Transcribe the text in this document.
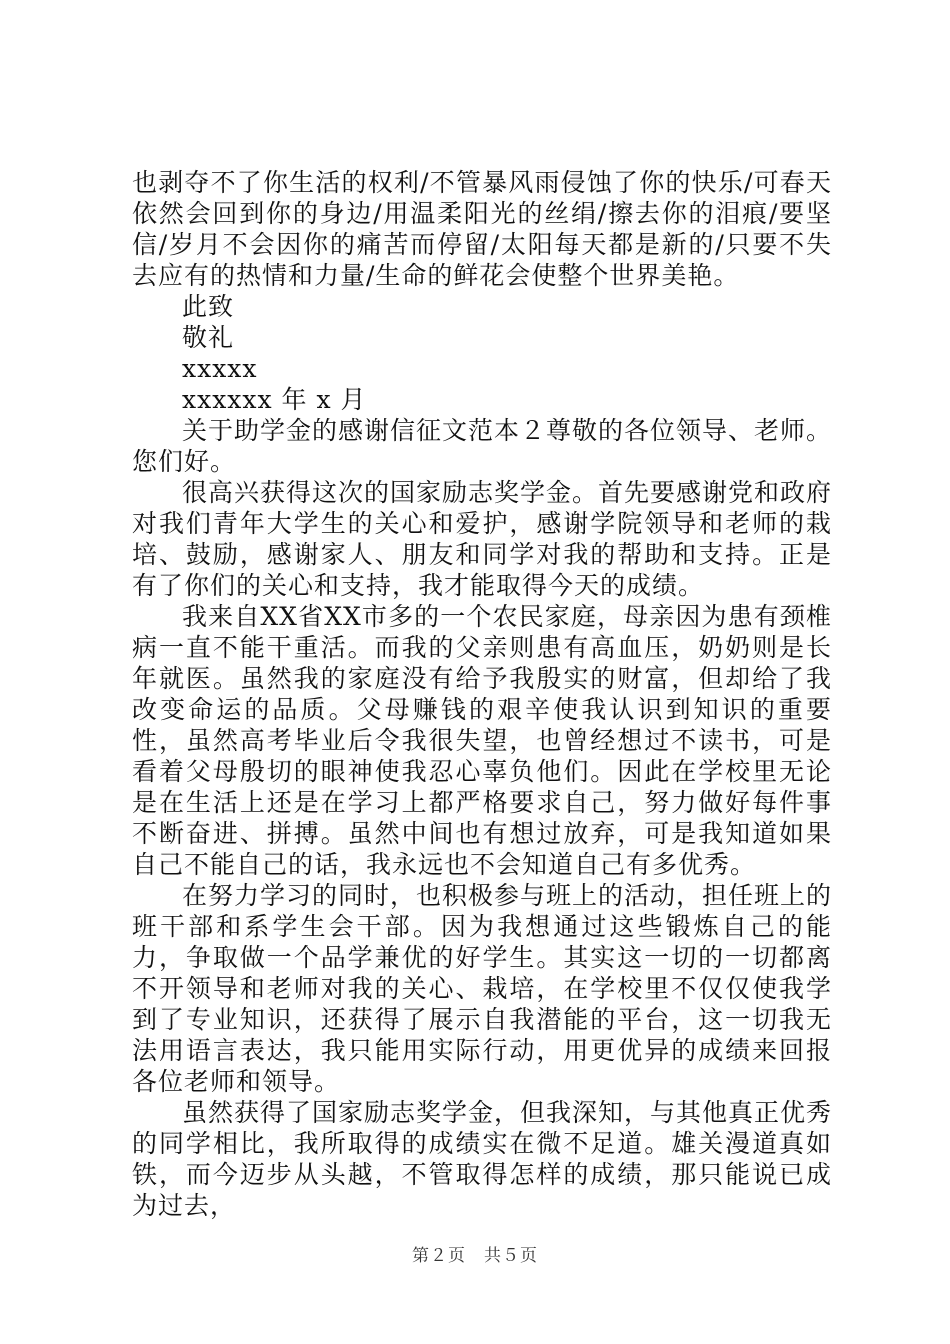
也剥夺不了你生活的权利/不管暴风雨侵蚀了你的快乐/可春天依然会回到你的身边/用温柔阳光的丝绢/擦去你的泪痕/要坚信/岁月不会因你的痛苦而停留/太阳每天都是新的/只要不失去应有的热情和力量/生命的鲜花会使整个世界美艳。

此致

敬礼

xxxxx

xxxxxx 年 x 月

关于助学金的感谢信征文范本２尊敬的各位领导、老师。您们好。

很高兴获得这次的国家励志奖学金。首先要感谢党和政府对我们青年大学生的关心和爱护，感谢学院领导和老师的栽培、鼓励，感谢家人、朋友和同学对我的帮助和支持。正是有了你们的关心和支持，我才能取得今天的成绩。

我来自XX省XX市多的一个农民家庭，母亲因为患有颈椎病一直不能干重活。而我的父亲则患有高血压，奶奶则是长年就医。虽然我的家庭没有给予我殷实的财富，但却给了我改变命运的品质。父母赚钱的艰辛使我认识到知识的重要性，虽然高考毕业后令我很失望，也曾经想过不读书，可是看着父母殷切的眼神使我忍心辜负他们。因此在学校里无论是在生活上还是在学习上都严格要求自己，努力做好每件事不断奋进、拼搏。虽然中间也有想过放弃，可是我知道如果自己不能自己的话，我永远也不会知道自己有多优秀。

在努力学习的同时，也积极参与班上的活动，担任班上的班干部和系学生会干部。因为我想通过这些锻炼自己的能力，争取做一个品学兼优的好学生。其实这一切的一切都离不开领导和老师对我的关心、栽培，在学校里不仅仅使我学到了专业知识，还获得了展示自我潜能的平台，这一切我无法用语言表达，我只能用实际行动，用更优异的成绩来回报各位老师和领导。

虽然获得了国家励志奖学金，但我深知，与其他真正优秀的同学相比，我所取得的成绩实在微不足道。雄关漫道真如铁，而今迈步从头越，不管取得怎样的成绩，那只能说已成为过去，

第２页　共５页
